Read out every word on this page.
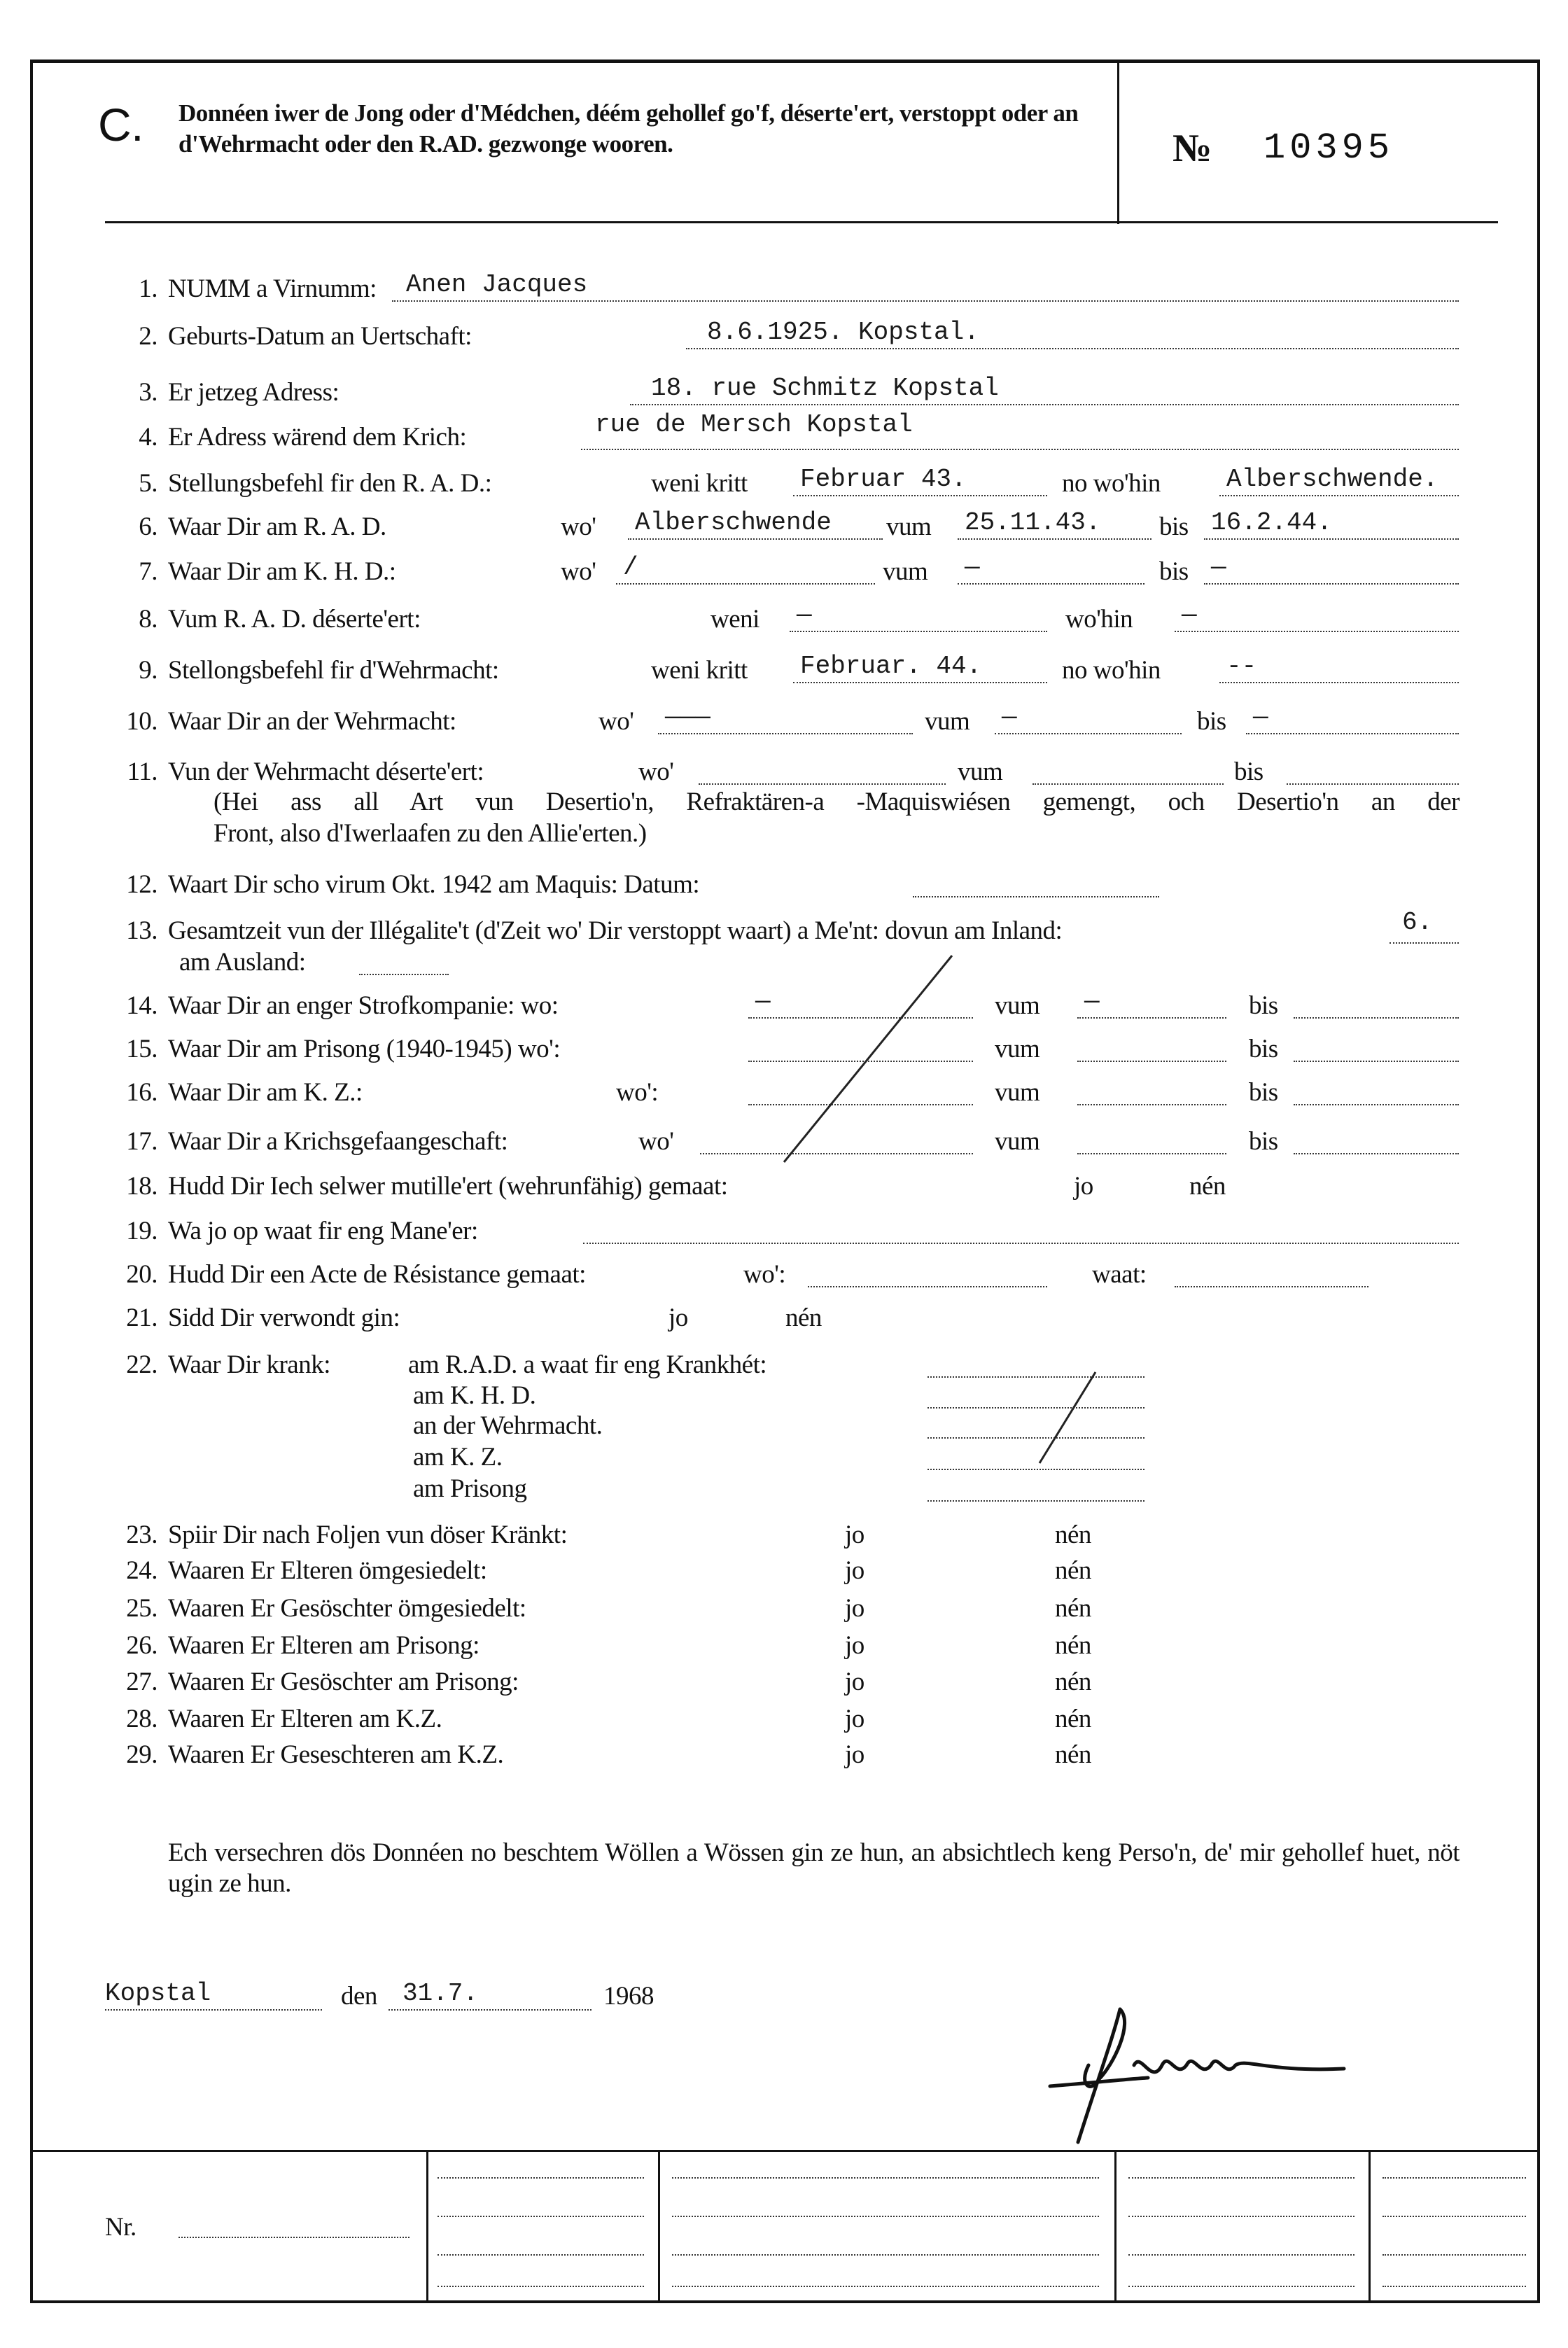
C. Donnéen iwer de Jong oder d'Médchen, déém gehollef go'f, déserte'ert, verstoppt oder an d'Wehrmacht oder den R.AD. gezwonge wooren.	№ 10395
1. NUMM a Virnumm: Anen Jacques
2. Geburts-Datum an Uertschaft:	8.6.1925. Kopstal.
3. Er jetzeg Adress:	18. rue Schmitz Kopstal
4. Er Adress wärend dem Krich:	rue de Mersch Kopstal
5. Stellungsbefehl fir den R. A. D.:	weni kritt Februar 43.	no wo'hin	Alberschwende.
6. Waar Dir am R. A. D.	wo' Alberschwende vum 25.11.43. bis 16.2.44.
7. Waar Dir am K. H. D.:	wo' /	vum —	bis —
8. Vum R. A. D. déserte'ert:	weni —	wo'hin —
9. Stellongsbefehl fir d'Wehrmacht:	weni kritt Februar. 44.	no wo'hin	--
10. Waar Dir an der Wehrmacht:	wo' ———	vum —	bis —
11. Vun der Wehrmacht déserte'ert:	wo'	vum	bis
(Hei ass all Art vun Desertio'n, Refraktären-a -Maquiswiésen gemengt, och Desertio'n an der
Front, also d'Iwerlaafen zu den Allie'erten.)
12. Waart Dir scho virum Okt. 1942 am Maquis: Datum:
13. Gesamtzeit vun der Illégalite't (d'Zeit wo' Dir verstoppt waart) a Me'nt: dovun am Inland:	6.
am Ausland:
14. Waar Dir an enger Strofkompanie: wo:	—	vum —	bis
15. Waar Dir am Prisong (1940-1945) wo':	vum	bis
16. Waar Dir am K. Z.:	wo':	vum	bis
17. Waar Dir a Krichsgefaangeschaft:	wo'	vum	bis
18. Hudd Dir Iech selwer mutille'ert (wehrunfähig) gemaat:	jo	nén
19. Wa jo op waat fir eng Mane'er:
20. Hudd Dir een Acte de Résistance gemaat:	wo':	waat:
21. Sidd Dir verwondt gin:	jo	nén
22. Waar Dir krank:	am R.A.D. a waat fir eng Krankhét:
am K. H. D.
an der Wehrmacht.
am K. Z.
am Prisong
23. Spiir Dir nach Foljen vun döser Kränkt:	jo	nén
24. Waaren Er Elteren ömgesiedelt:	jo	nén
25. Waaren Er Gesöschter ömgesiedelt:	jo	nén
26. Waaren Er Elteren am Prisong:	jo	nén
27. Waaren Er Gesöschter am Prisong:	jo	nén
28. Waaren Er Elteren am K.Z.	jo	nén
29. Waaren Er Geseschteren am K.Z.	jo	nén
Ech versechren dös Donnéen no beschtem Wöllen a Wössen gin ze hun, an absichtlech keng Perso'n, de' mir gehollef huet, nöt ugin ze hun.
Kopstal	den 31.7.	1968
Nr.
